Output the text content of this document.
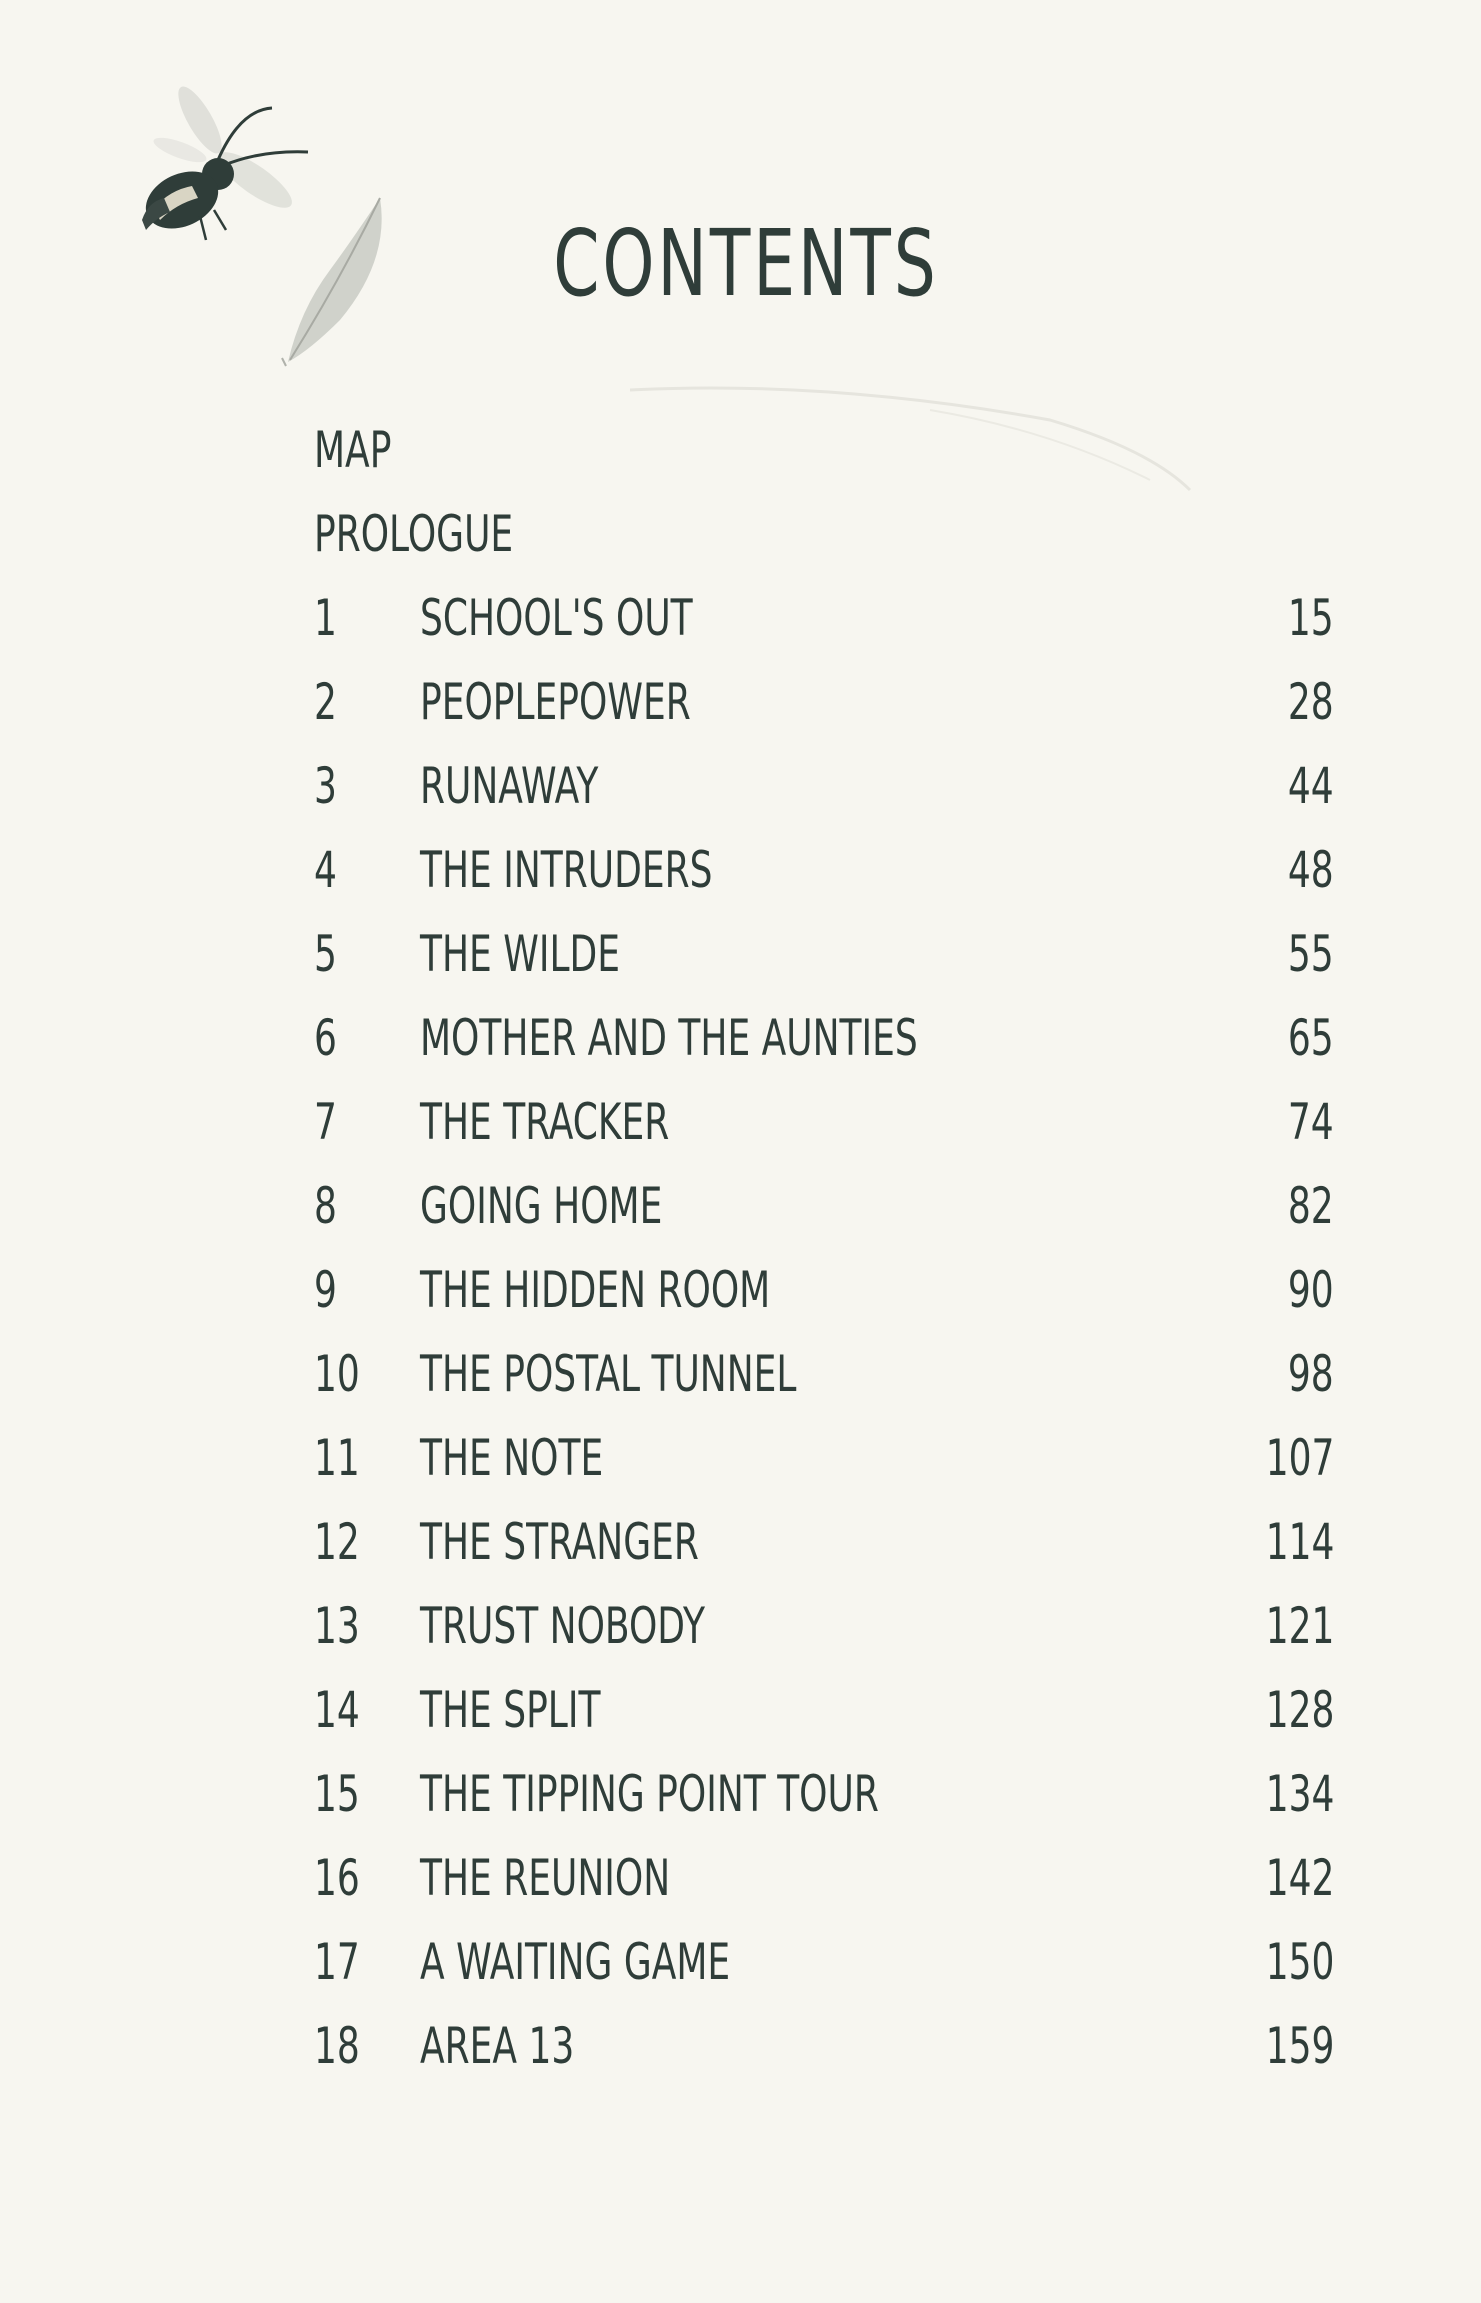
CONTENTS
MAP
PROLOGUE
1 SCHOOL'S OUT	15
2 PEOPLEPOWER	28
3 RUNAWAY	44
4 THE INTRUDERS	48
5 THE WILDE	55
6 MOTHER AND THE AUNTIES	65
7 THE TRACKER	74
8 GOING HOME	82
9 THE HIDDEN ROOM	90
10	THE POSTAL TUNNEL	98
11	THE NOTE	107
12	THE STRANGER	114
13	TRUST NOBODY	121
14	THE SPLIT	128
15	THE TIPPING POINT TOUR	134
16	THE REUNION	142
17	A WAITING GAME	150
18	AREA 13	159
